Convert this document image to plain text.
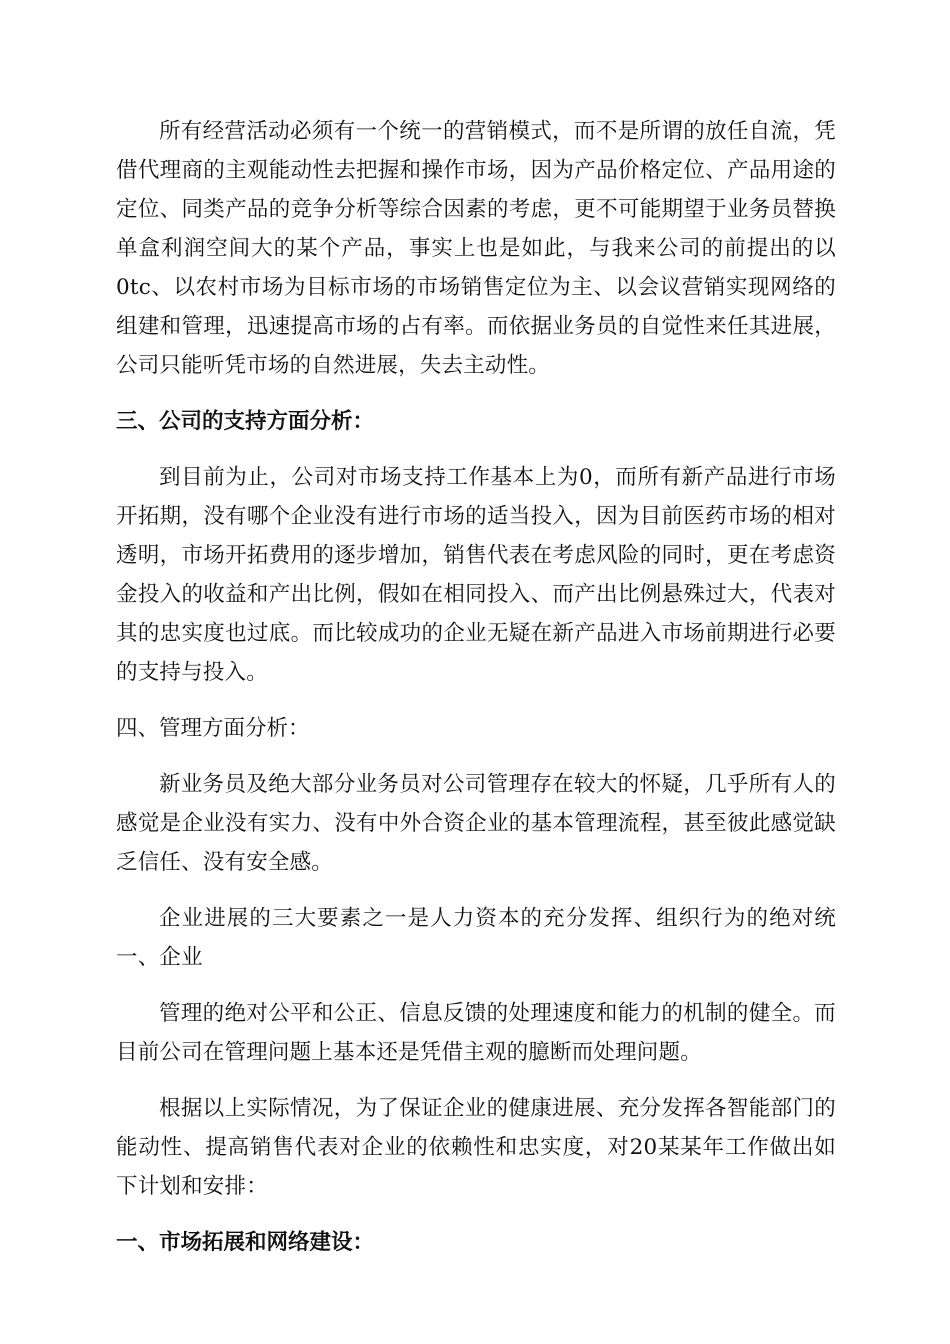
所有经营活动必须有一个统一的营销模式，而不是所谓的放任自流，凭借代理商的主观能动性去把握和操作市场，因为产品价格定位、产品用途的定位、同类产品的竞争分析等综合因素的考虑，更不可能期望于业务员替换单盒利润空间大的某个产品，事实上也是如此，与我来公司的前提出的以0tc、以农村市场为目标市场的市场销售定位为主、以会议营销实现网络的组建和管理，迅速提高市场的占有率。而依据业务员的自觉性来任其进展，公司只能听凭市场的自然进展，失去主动性。

三、公司的支持方面分析：

到目前为止，公司对市场支持工作基本上为0，而所有新产品进行市场开拓期，没有哪个企业没有进行市场的适当投入，因为目前医药市场的相对透明，市场开拓费用的逐步增加，销售代表在考虑风险的同时，更在考虑资金投入的收益和产出比例，假如在相同投入、而产出比例悬殊过大，代表对其的忠实度也过底。而比较成功的企业无疑在新产品进入市场前期进行必要的支持与投入。

四、管理方面分析：

新业务员及绝大部分业务员对公司管理存在较大的怀疑，几乎所有人的感觉是企业没有实力、没有中外合资企业的基本管理流程，甚至彼此感觉缺乏信任、没有安全感。

企业进展的三大要素之一是人力资本的充分发挥、组织行为的绝对统一、企业

管理的绝对公平和公正、信息反馈的处理速度和能力的机制的健全。而目前公司在管理问题上基本还是凭借主观的臆断而处理问题。

根据以上实际情况，为了保证企业的健康进展、充分发挥各智能部门的能动性、提高销售代表对企业的依赖性和忠实度，对20某某年工作做出如下计划和安排：

一、市场拓展和网络建设：
